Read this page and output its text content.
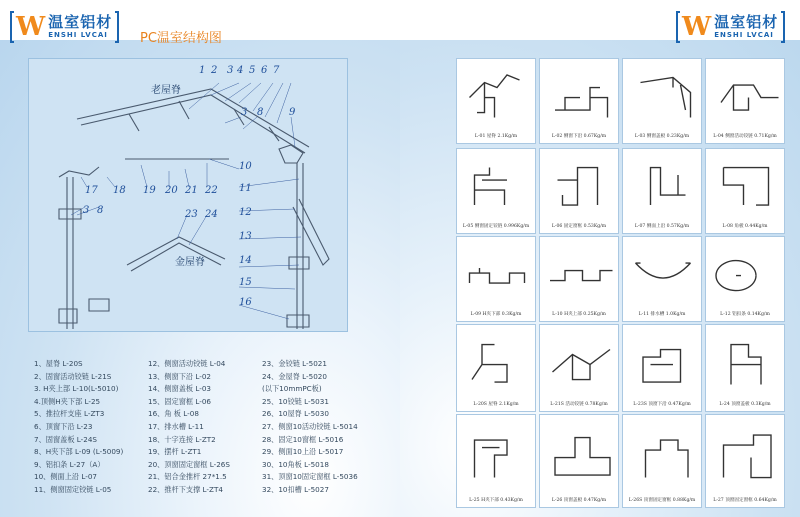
W 温室铝材
ENSHI LVCAI	PC温室结构图	W 温室铝材
ENSHI LVCAI
1 2 3 4 5 6 7
老屋脊
3 8	9
10
11
12
13
14
15
16
17 18 19 20 21 22
3 8	23 24
金屋脊
1、屋脊 L-20S
2、固窗活动铰链 L-21S
3. H夹上部 L-10(L-5010)
4.顶侧H夹下部 L-25
5、推拉杆支座 L-ZT3
6、顶窗下沿 L-23
7、固窗盖板 L-24S
8、H夹下部 L-09 (L-5009)
9、铝扣条 L-27（A）
10、侧面上沿 L-07
11、侧窗固定铰链 L-05
12、侧窗活动铰链 L-04
13、侧窗下沿 L-02
14、侧窗盖板 L-03
15、固定窗框 L-06
16、角 板 L-08
17、排水槽 L-11
18、十字连接 L-ZT2
19、摆杆 L-ZT1
20、顶窗固定窗框 L-26S
21、铝合金推杆 27*1.5
22、推杆下支撑 L-ZT4
23、金铰链 L-5021
24、金屋脊 L-5020
(以下10mmPC板)
25、10铰链 L-5031
26、10屋脊 L-5030
27、侧窗10活动铰链 L-5014
28、固定10窗框 L-5016
29、侧面10上沿 L-5017
30、10角板 L-5018
31、顶窗10固定窗框 L-5036
32、10扣槽 L-5027
L-01 屋脊 2.1Kg/m	L-02 侧窗下沿 0.67Kg/m	L-03 侧窗盖板 0.23Kg/m	L-04 侧窗活动铰链 0.71Kg/m
L-05 侧窗固定铰链 0.996Kg/m	L-06 固定窗框 0.53Kg/m	L-07 侧面上沿 0.57Kg/m	L-08 角板 0.44Kg/m
L-09 H夹下部 0.3Kg/m	L-10 H夹上部 0.25Kg/m	L-11 排水槽 1.0Kg/m	L-12 铝扣条 0.14Kg/m
L-20S 屋脊 2.1Kg/m	L-21S 活动铰链 0.78Kg/m	L-23S 顶窗下沿 0.47Kg/m	L-24 顶窗盖板 0.3Kg/m
L-25 H夹下部 0.43Kg/m	L-26 顶窗盖板 0.47Kg/m	L-26S 顶窗固定窗框 0.88Kg/m	L-27 顶窗固定窗框 0.64Kg/m
